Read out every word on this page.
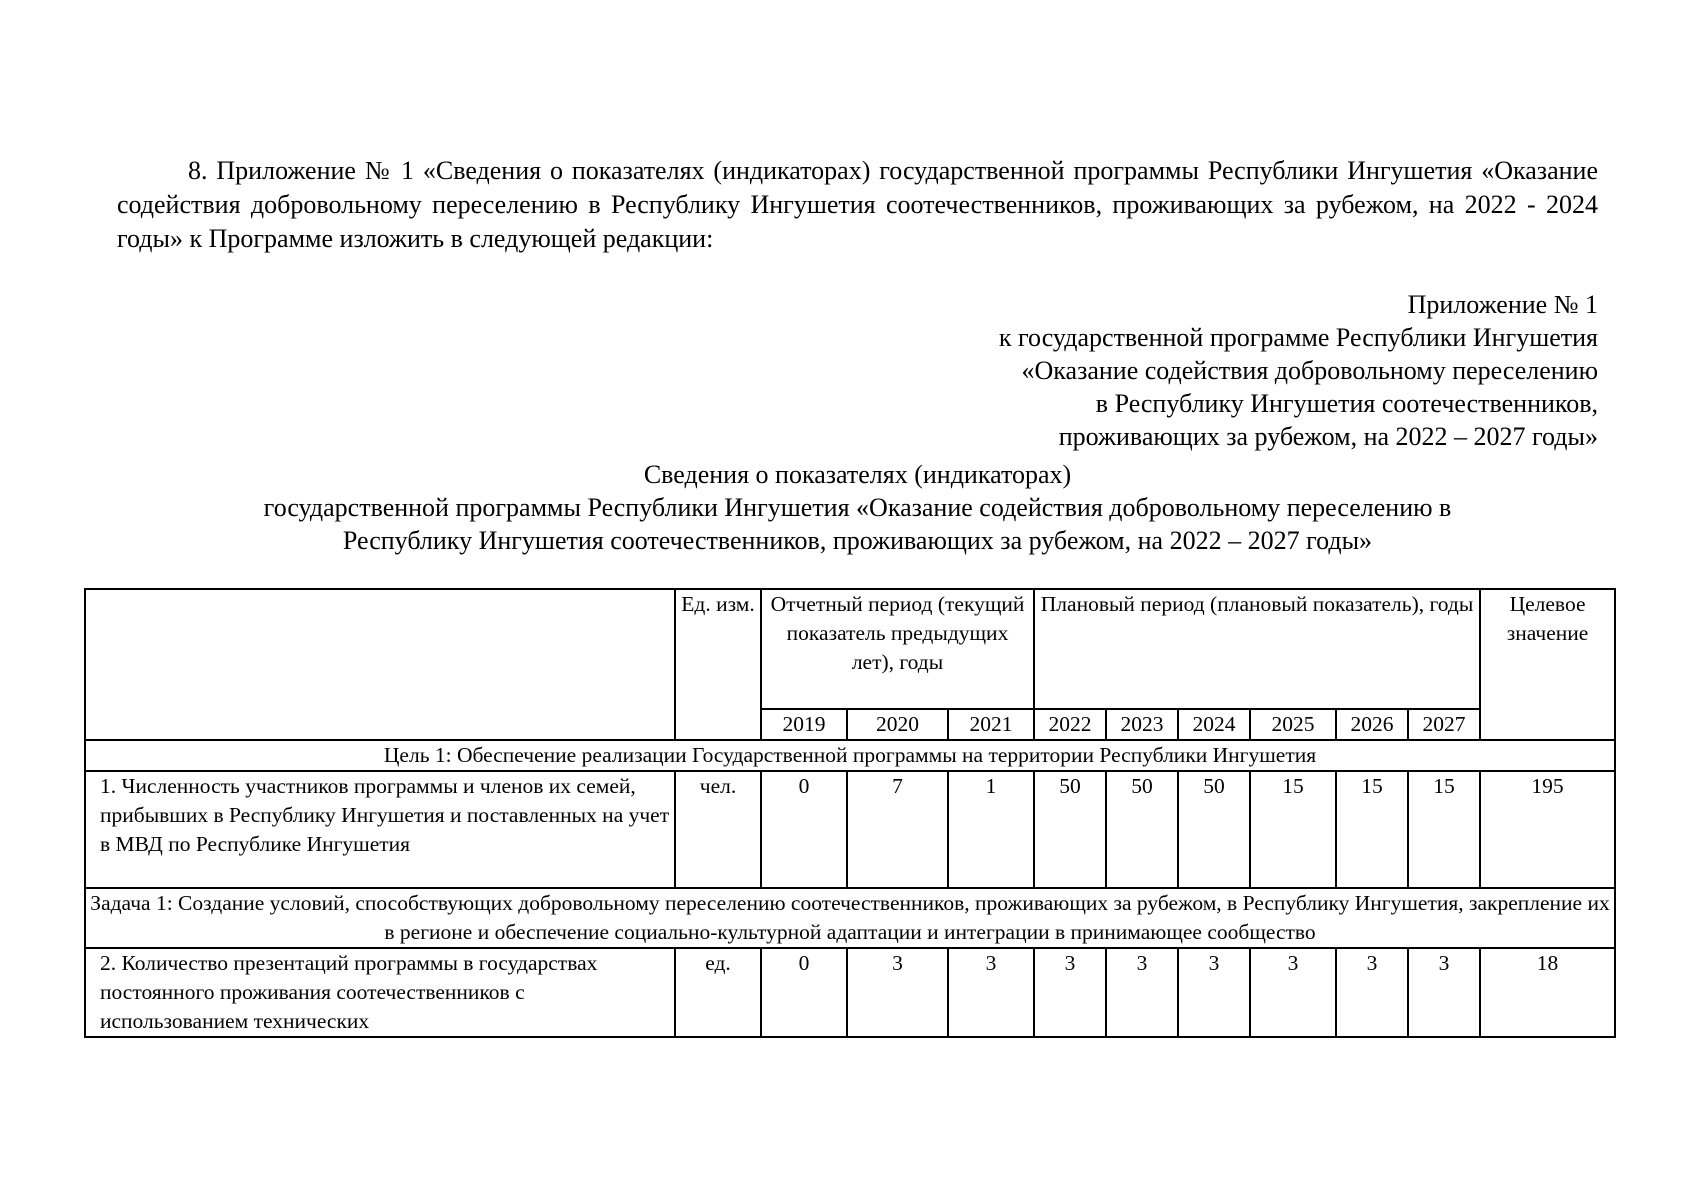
8. Приложение № 1 «Сведения о показателях (индикаторах) государственной программы Республики Ингушетия «Оказание содействия добровольному переселению в Республику Ингушетия соотечественников, проживающих за рубежом, на 2022 - 2024 годы» к Программе изложить в следующей редакции:

Приложение № 1
к государственной программе Республики Ингушетия
«Оказание содействия добровольному переселению
в Республику Ингушетия соотечественников,
проживающих за рубежом, на 2022 – 2027 годы»
Сведения о показателях (индикаторах)
государственной программы Республики Ингушетия «Оказание содействия добровольному переселению в
Республику Ингушетия соотечественников, проживающих за рубежом, на 2022 – 2027 годы»
	Ед. изм.	Отчетный период (текущий показатель предыдущих лет), годы			Плановый период (плановый показатель), годы						Целевое значение
		2019	2020	2021	2022	2023	2024	2025	2026	2027	
Цель 1: Обеспечение реализации Государственной программы на территории Республики Ингушетия											
1. Численность участников программы и членов их семей, прибывших в Республику Ингушетия и поставленных на учет в МВД по Республике Ингушетия	чел.	0	7	1	50	50	50	15	15	15	195
Задача 1: Создание условий, способствующих добровольному переселению соотечественников, проживающих за рубежом, в Республику Ингушетия, закрепление их в регионе и обеспечение социально-культурной адаптации и интеграции в принимающее сообщество											
2. Количество презентаций программы в государствах постоянного проживания соотечественников с использованием технических	ед.	0	3	3	3	3	3	3	3	3	18
